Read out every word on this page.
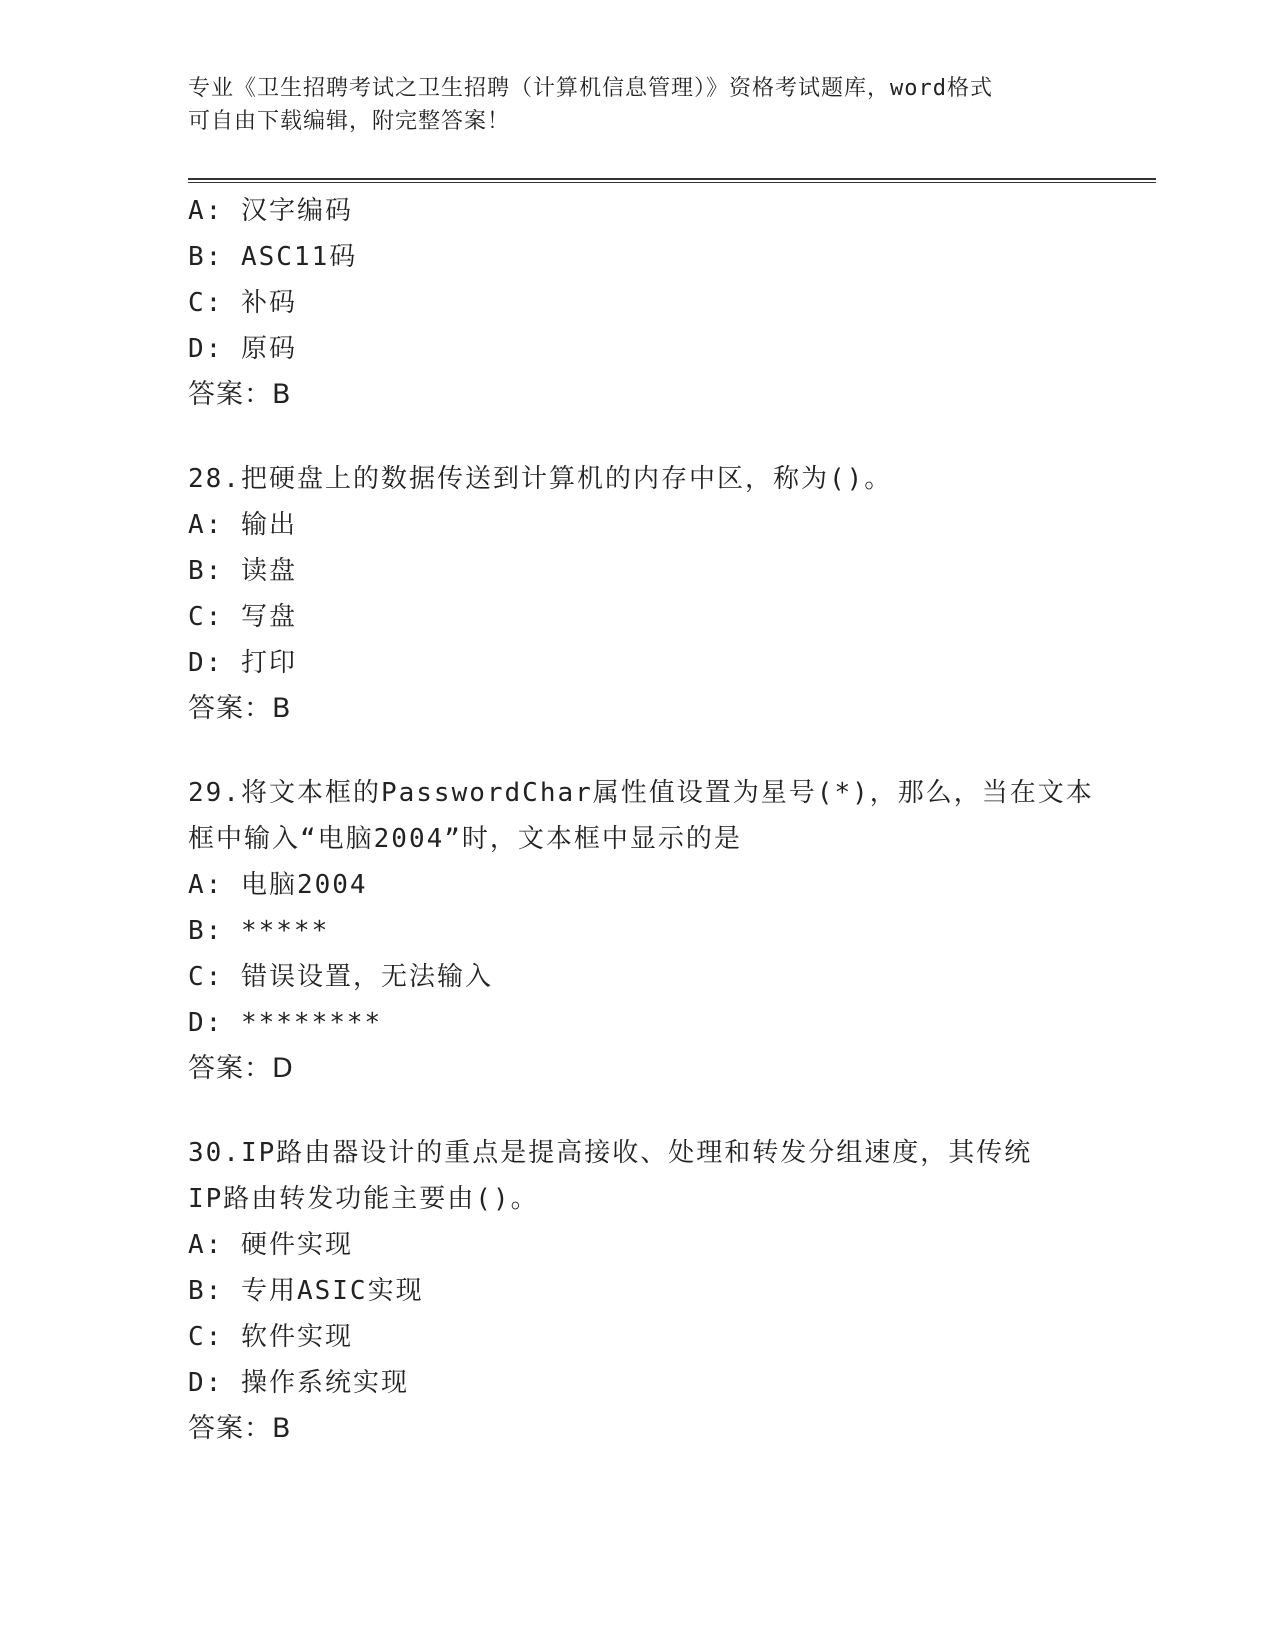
专业《卫生招聘考试之卫生招聘（计算机信息管理）》资格考试题库，word格式
可自由下载编辑，附完整答案！
A: 汉字编码
B: ASC11码
C: 补码
D: 原码
答案：B
28.把硬盘上的数据传送到计算机的内存中区，称为()。
A: 输出
B: 读盘
C: 写盘
D: 打印
答案：B
29.将文本框的PasswordChar属性值设置为星号(*)，那么，当在文本
框中输入“电脑2004”时，文本框中显示的是
A: 电脑2004
B: *****
C: 错误设置，无法输入
D: ********
答案：D
30.IP路由器设计的重点是提高接收、处理和转发分组速度，其传统
IP路由转发功能主要由()。
A: 硬件实现
B: 专用ASIC实现
C: 软件实现
D: 操作系统实现
答案：B
